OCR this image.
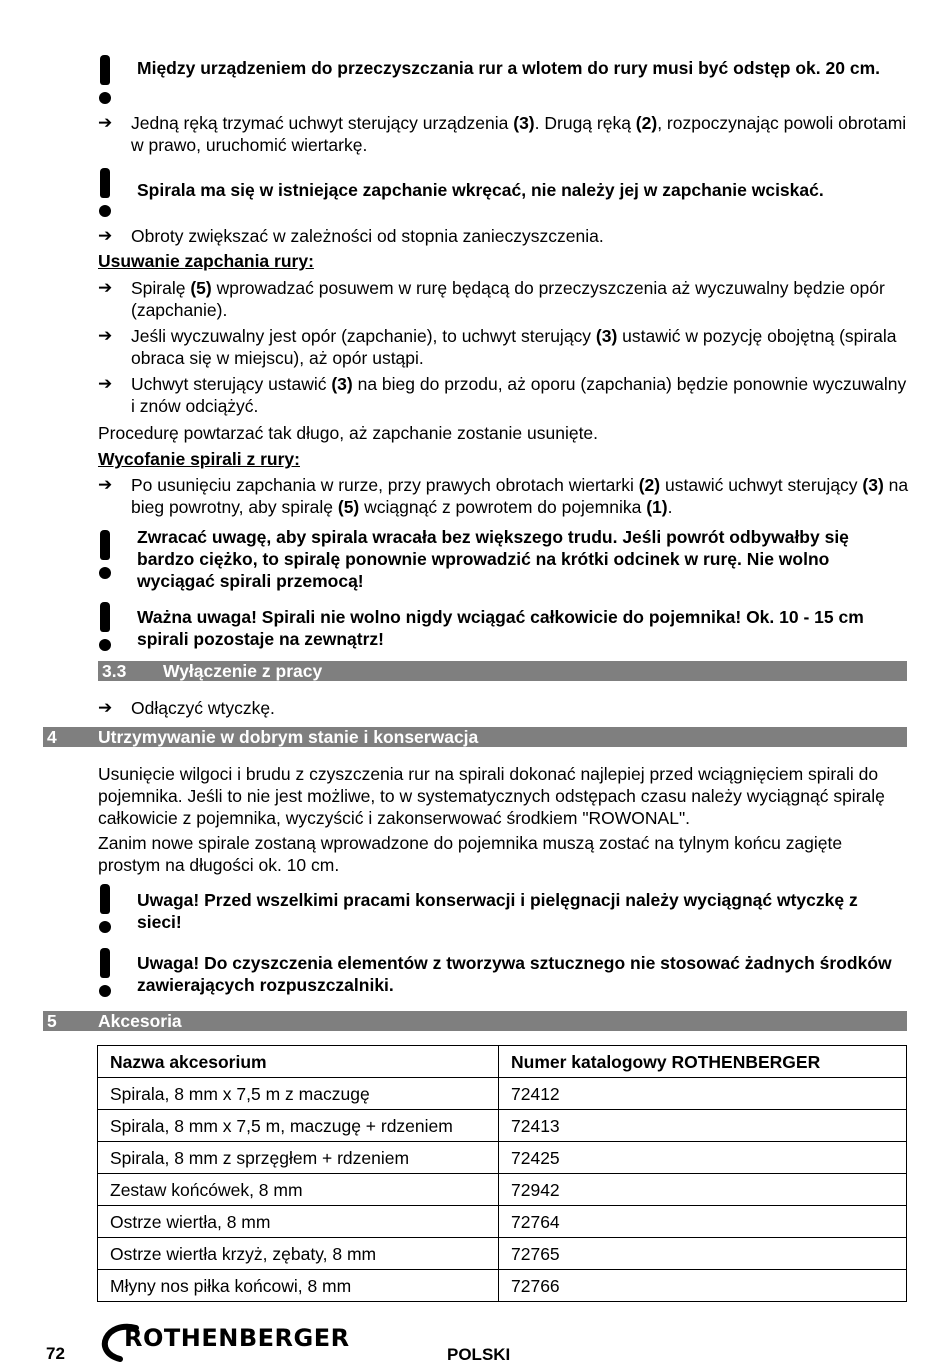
Między urządzeniem do przeczyszczania rur a wlotem do rury musi być odstęp ok. 20 cm.
➔ Jedną ręką trzymać uchwyt sterujący urządzenia (3). Drugą ręką (2), rozpoczynając powoli obrotami w prawo, uruchomić wiertarkę.
Spirala ma się w istniejące zapchanie wkręcać, nie należy jej w zapchanie wciskać.
➔ Obroty zwiększać w zależności od stopnia zanieczyszczenia.
Usuwanie zapchania rury:
➔ Spiralę (5) wprowadzać posuwem w rurę będącą do przeczyszczenia aż wyczuwalny będzie opór (zapchanie).
➔ Jeśli wyczuwalny jest opór (zapchanie), to uchwyt sterujący (3) ustawić w pozycję obojętną (spirala obraca się w miejscu), aż opór ustąpi.
➔ Uchwyt sterujący ustawić (3) na bieg do przodu, aż oporu (zapchania) będzie ponownie wyczuwalny i znów odciążyć.
Procedurę powtarzać tak długo, aż zapchanie zostanie usunięte.
Wycofanie spirali z rury:
➔ Po usunięciu zapchania w rurze, przy prawych obrotach wiertarki (2) ustawić uchwyt sterujący (3) na bieg powrotny, aby spiralę (5) wciągnąć z powrotem do pojemnika (1).
Zwracać uwagę, aby spirala wracała bez większego trudu. Jeśli powrót odbywałby się bardzo ciężko, to spiralę ponownie wprowadzić na krótki odcinek w rurę. Nie wolno wyciągać spirali przemocą!
Ważna uwaga! Spirali nie wolno nigdy wciągać całkowicie do pojemnika! Ok. 10 - 15 cm spirali pozostaje na zewnątrz!
3.3 Wyłączenie z pracy
➔ Odłączyć wtyczkę.
4 Utrzymywanie w dobrym stanie i konserwacja
Usunięcie wilgoci i brudu z czyszczenia rur na spirali dokonać najlepiej przed wciągnięciem spirali do pojemnika. Jeśli to nie jest możliwe, to w systematycznych odstępach czasu należy wyciągnąć spiralę całkowicie z pojemnika, wyczyścić i zakonserwować środkiem "ROWONAL".
Zanim nowe spirale zostaną wprowadzone do pojemnika muszą zostać na tylnym końcu zagięte prostym na długości ok. 10 cm.
Uwaga! Przed wszelkimi pracami konserwacji i pielęgnacji należy wyciągnąć wtyczkę z sieci!
Uwaga! Do czyszczenia elementów z tworzywa sztucznego nie stosować żadnych środków zawierających rozpuszczalniki.
5 Akcesoria
Nazwa akcesorium	Numer katalogowy ROTHENBERGER
Spirala, 8 mm x 7,5 m z maczugę	72412
Spirala, 8 mm x 7,5 m, maczugę + rdzeniem	72413
Spirala, 8 mm z sprzęgłem + rdzeniem	72425
Zestaw końcówek, 8 mm	72942
Ostrze wiertła, 8 mm	72764
Ostrze wiertła krzyż, zębaty, 8 mm	72765
Młyny nos piłka końcowi, 8 mm	72766
72
ROTHENBERGER
POLSKI
